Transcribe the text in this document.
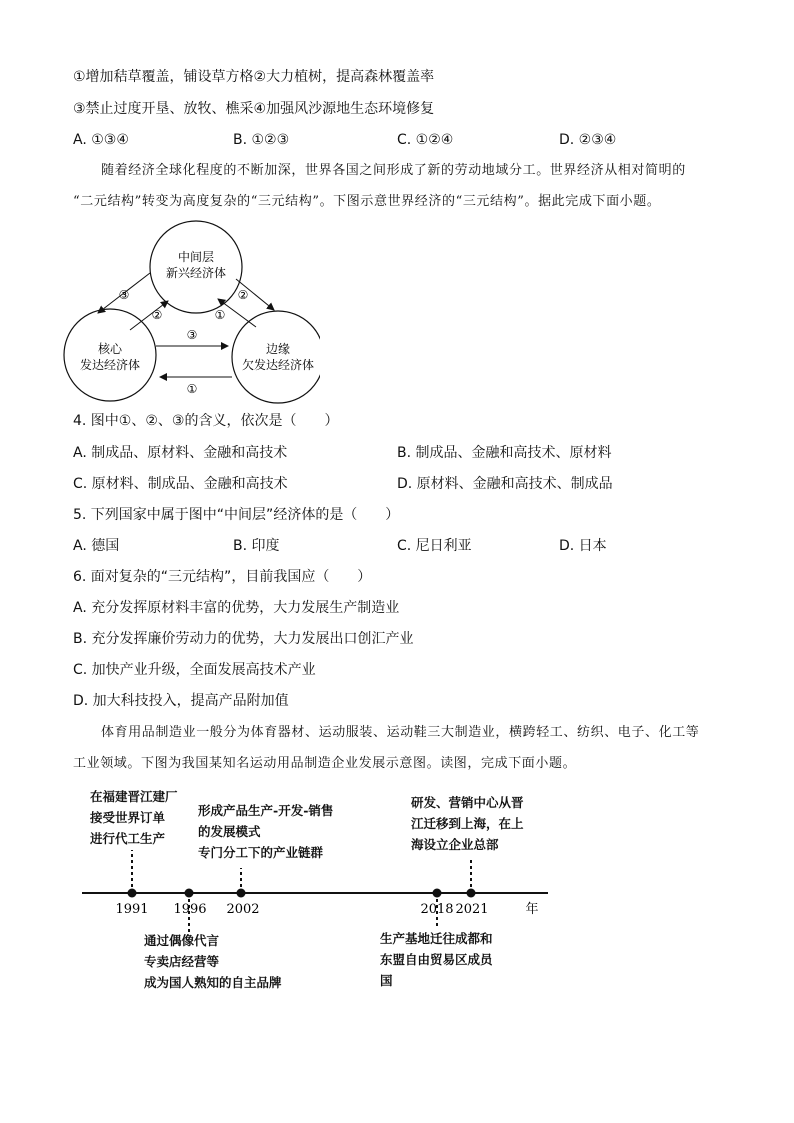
①增加秸草覆盖，铺设草方格②大力植树，提高森林覆盖率
③禁止过度开垦、放牧、樵采④加强风沙源地生态环境修复
A. ①③④	B. ①②③	C. ①②④	D. ②③④
随着经济全球化程度的不断加深，世界各国之间形成了新的劳动地域分工。世界经济从相对简明的
“二元结构”转变为高度复杂的“三元结构”。下图示意世界经济的“三元结构”。据此完成下面小题。
中间层
新兴经济体
核心
发达经济体
边缘
欠发达经济体
③
②
②
①
③
①
4. 图中①、②、③的含义，依次是（　　）
A. 制成品、原材料、金融和高技术	B. 制成品、金融和高技术、原材料
C. 原材料、制成品、金融和高技术	D. 原材料、金融和高技术、制成品
5. 下列国家中属于图中“中间层”经济体的是（　　）
A. 德国	B. 印度	C. 尼日利亚	D. 日本
6. 面对复杂的“三元结构”，目前我国应（　　）
A. 充分发挥原材料丰富的优势，大力发展生产制造业
B. 充分发挥廉价劳动力的优势，大力发展出口创汇产业
C. 加快产业升级，全面发展高技术产业
D. 加大科技投入，提高产品附加值
体育用品制造业一般分为体育器材、运动服装、运动鞋三大制造业，横跨轻工、纺织、电子、化工等
工业领域。下图为我国某知名运动用品制造企业发展示意图。读图，完成下面小题。
1991 1996 2002	2018 2021	年
在福建晋江建厂
接受世界订单
进行代工生产
通过偶像代言
专卖店经营等
成为国人熟知的自主品牌
形成产品生产-开发-销售
的发展模式
专门分工下的产业链群
生产基地迁往成都和
东盟自由贸易区成员
国
研发、营销中心从晋
江迁移到上海，在上
海设立企业总部
